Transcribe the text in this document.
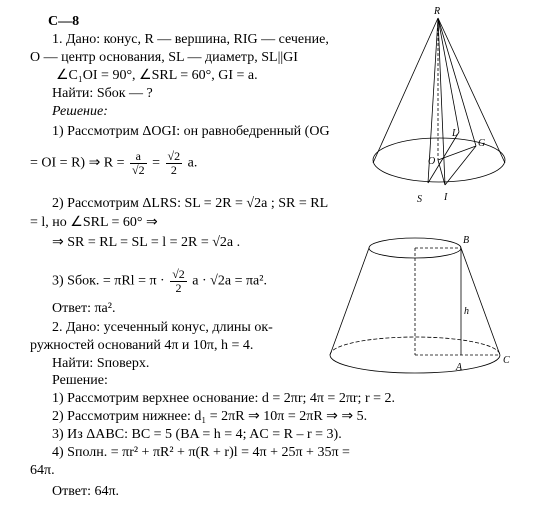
С—8
1. Дано: конус, R — вершина, RIG — сечение,
O — центр основания, SL — диаметр, SL||GI
∠C₁OI = 90°, ∠SRL = 60°, GI = a.
Найти: Sбок — ?
Решение:
1) Рассмотрим ΔOGI: он равнобедренный (OG
= OI = R) ⇒ $R = \frac{a}{√2} = \frac{√2}{2} a$.
2) Рассмотрим ΔLRS: SL = 2R = √2a ; SR = RL
= l, но ∠SRL = 60° ⇒
⇒ SR = RL = SL = l = 2R = √2a .
3) Sбок. = $\pi Rl = \pi \cdot \frac{√2}{2}$ a · √2a = πa².
Ответ: πa².
2. Дано: усеченный конус, длины ок-
ружностей оснований 4π и 10π, h = 4.
Найти: Sповерх.
Решение:
1) Рассмотрим верхнее основание: d = 2πr; 4π = 2πr; r = 2.
2) Рассмотрим нижнее: d₁ = 2πR ⇒ 10π = 2πR ⇒ ⇒ 5.
3) Из ΔABC: BC = 5 (BA = h = 4; AC = R – r = 3).
4) Sполн. = πr² + πR² + π(R + r)l = 4π + 25π + 35π =
64π.
Ответ: 64π.
R
L
G
O
S I
B
h
A
C
